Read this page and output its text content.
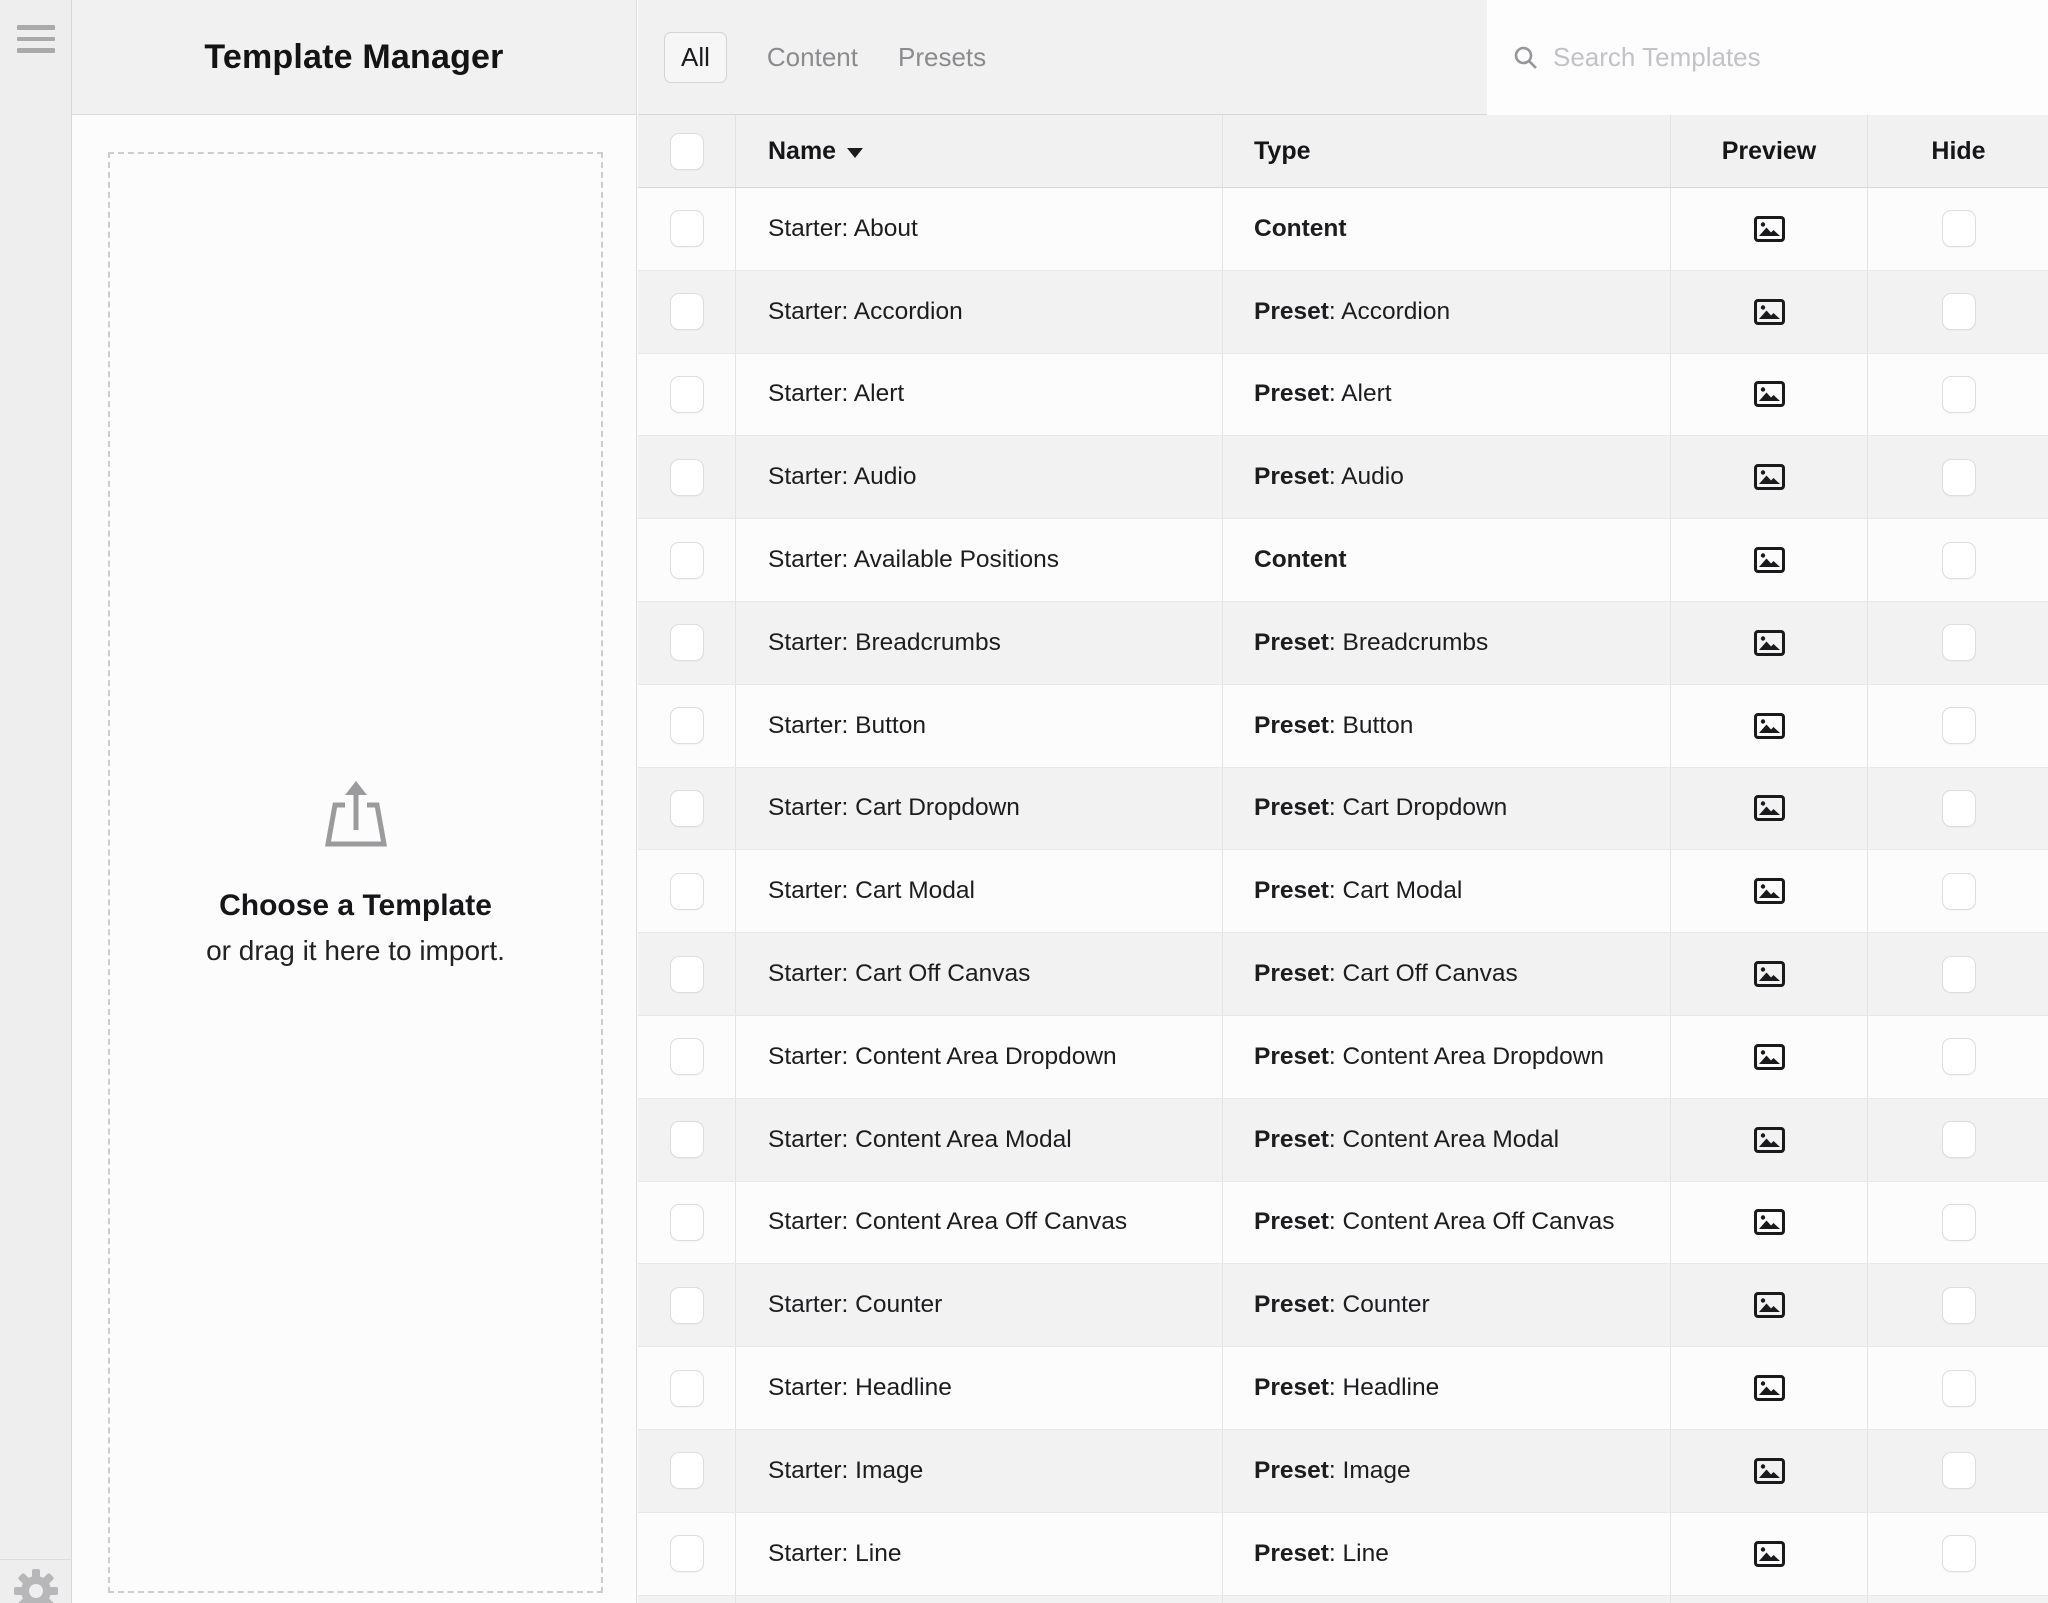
Template Manager
Choose a Template
or drag it here to import.
All	Content Presets
Search Templates
Name	Type	Preview	Hide
Starter: About	Content
Starter: Accordion	Preset: Accordion
Starter: Alert	Preset: Alert
Starter: Audio	Preset: Audio
Starter: Available Positions	Content
Starter: Breadcrumbs	Preset: Breadcrumbs
Starter: Button	Preset: Button
Starter: Cart Dropdown	Preset: Cart Dropdown
Starter: Cart Modal	Preset: Cart Modal
Starter: Cart Off Canvas	Preset: Cart Off Canvas
Starter: Content Area Dropdown	Preset: Content Area Dropdown
Starter: Content Area Modal	Preset: Content Area Modal
Starter: Content Area Off Canvas	Preset: Content Area Off Canvas
Starter: Counter	Preset: Counter
Starter: Headline	Preset: Headline
Starter: Image	Preset: Image
Starter: Line	Preset: Line
